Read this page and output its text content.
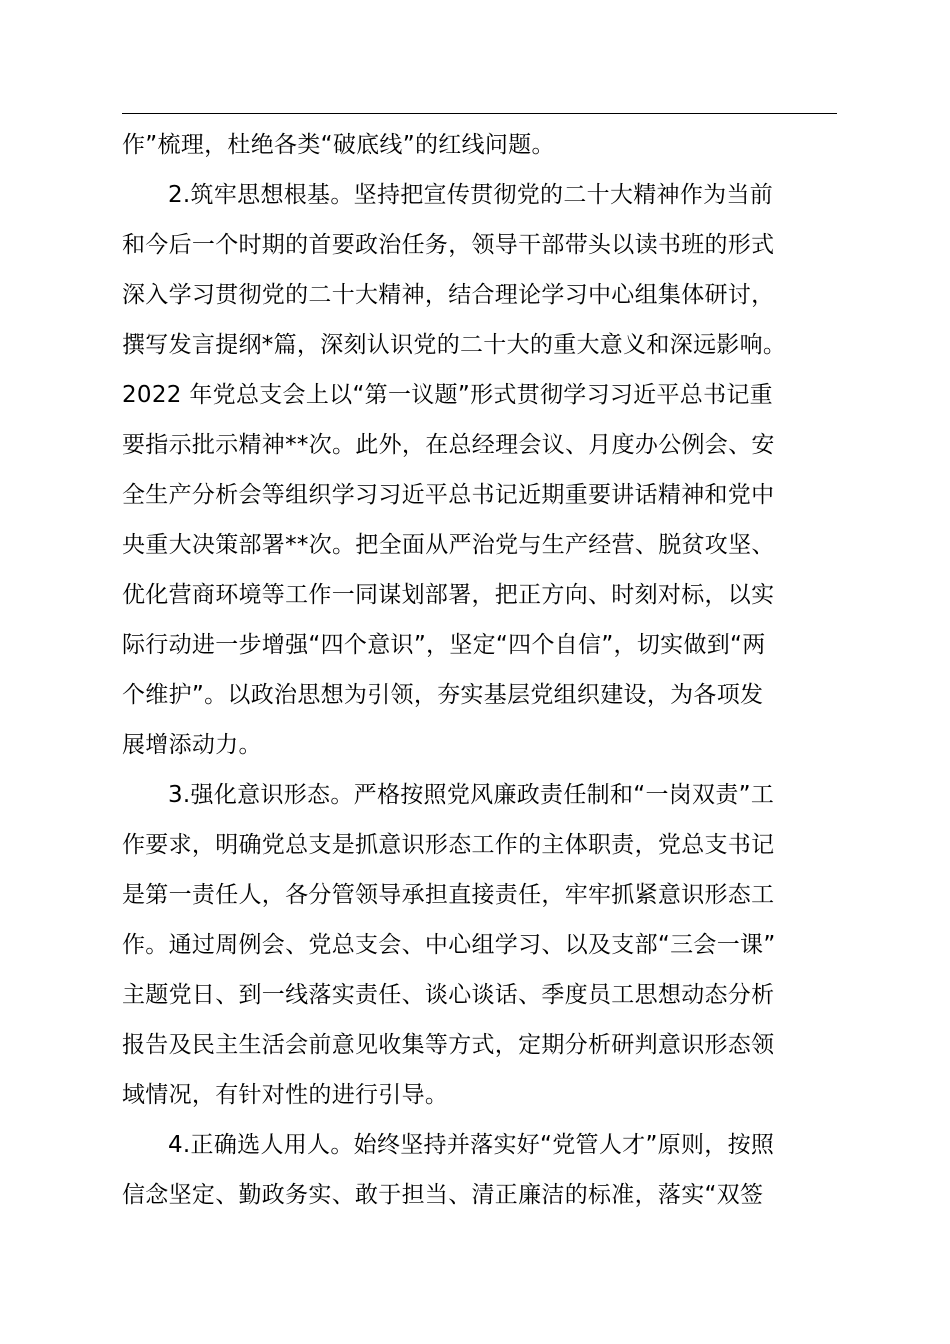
作”梳理，杜绝各类“破底线”的红线问题。
2.筑牢思想根基。坚持把宣传贯彻党的二十大精神作为当前
和今后一个时期的首要政治任务，领导干部带头以读书班的形式
深入学习贯彻党的二十大精神，结合理论学习中心组集体研讨，
撰写发言提纲*篇，深刻认识党的二十大的重大意义和深远影响。
2022 年党总支会上以“第一议题”形式贯彻学习习近平总书记重
要指示批示精神**次。此外，在总经理会议、月度办公例会、安
全生产分析会等组织学习习近平总书记近期重要讲话精神和党中
央重大决策部署**次。把全面从严治党与生产经营、脱贫攻坚、
优化营商环境等工作一同谋划部署，把正方向、时刻对标，以实
际行动进一步增强“四个意识”，坚定“四个自信”，切实做到“两
个维护”。以政治思想为引领，夯实基层党组织建设，为各项发
展增添动力。
3.强化意识形态。严格按照党风廉政责任制和“一岗双责”工
作要求，明确党总支是抓意识形态工作的主体职责，党总支书记
是第一责任人，各分管领导承担直接责任，牢牢抓紧意识形态工
作。通过周例会、党总支会、中心组学习、以及支部“三会一课”
主题党日、到一线落实责任、谈心谈话、季度员工思想动态分析
报告及民主生活会前意见收集等方式，定期分析研判意识形态领
域情况，有针对性的进行引导。
4.正确选人用人。始终坚持并落实好“党管人才”原则，按照
信念坚定、勤政务实、敢于担当、清正廉洁的标准，落实“双签
